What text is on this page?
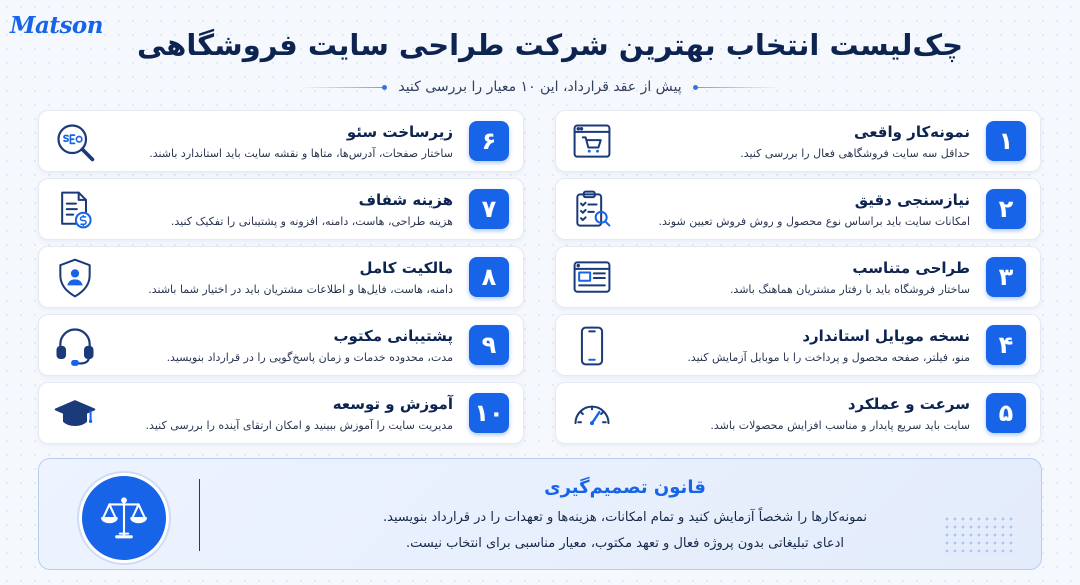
Matson
چک‌لیست انتخاب بهترین شرکت طراحی سایت فروشگاهی
پیش از عقد قرارداد، این ۱۰ معیار را بررسی کنید
۱
نمونه‌کار واقعی
حداقل سه سایت فروشگاهی فعال را بررسی کنید.
۲
نیازسنجی دقیق
امکانات سایت باید براساس نوع محصول و روش فروش تعیین شوند.
۳
طراحی متناسب
ساختار فروشگاه باید با رفتار مشتریان هماهنگ باشد.
۴
نسخه موبایل استاندارد
منو، فیلتر، صفحه محصول و پرداخت را با موبایل آزمایش کنید.
۵
سرعت و عملکرد
سایت باید سریع پایدار و مناسب افزایش محصولات باشد.
۶
زیرساخت سئو
ساختار صفحات، آدرس‌ها، متاها و نقشه سایت باید استاندارد باشند.
۷
هزینه شفاف
هزینه طراحی، هاست، دامنه، افزونه و پشتیبانی را تفکیک کنید.
۸
مالکیت کامل
دامنه، هاست، فایل‌ها و اطلاعات مشتریان باید در اختیار شما باشند.
۹
پشتیبانی مکتوب
مدت، محدوده خدمات و زمان پاسخ‌گویی را در قرارداد بنویسید.
۱۰
آموزش و توسعه
مدیریت سایت را آموزش ببینید و امکان ارتقای آینده را بررسی کنید.
قانون تصمیم‌گیری
نمونه‌کارها را شخصاً آزمایش کنید و تمام امکانات، هزینه‌ها و تعهدات را در قرارداد بنویسید.
ادعای تبلیغاتی بدون پروژه فعال و تعهد مکتوب، معیار مناسبی برای انتخاب نیست.
